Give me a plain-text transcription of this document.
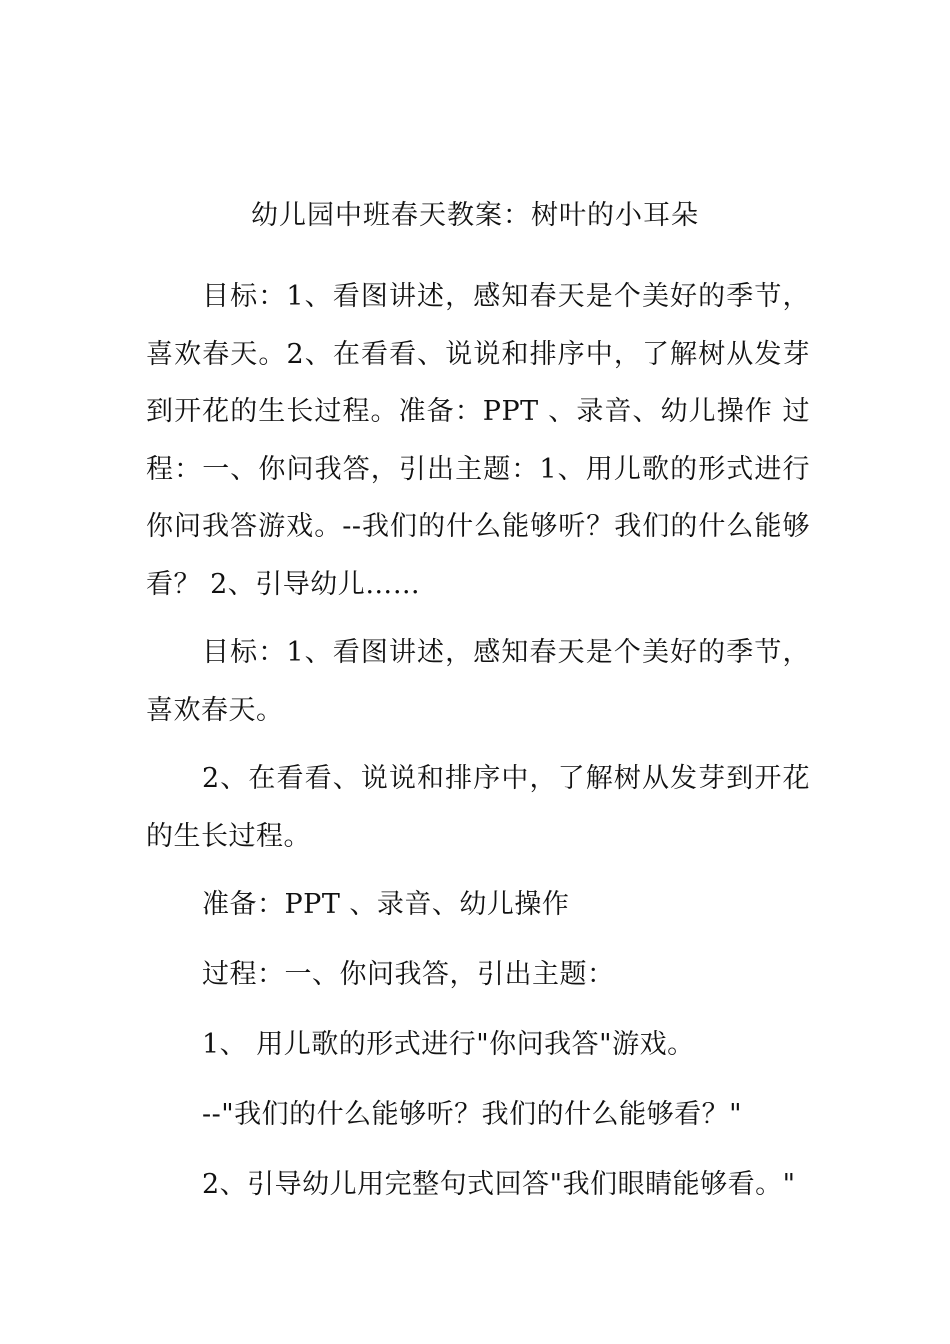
幼儿园中班春天教案：树叶的小耳朵

目标：1、看图讲述，感知春天是个美好的季节，喜欢春天。2、在看看、说说和排序中，了解树从发芽到开花的生长过程。准备：PPT 、录音、幼儿操作 过程：一、你问我答，引出主题：1、用儿歌的形式进行你问我答游戏。--我们的什么能够听？我们的什么能够看？ 2、引导幼儿……

目标：1、看图讲述，感知春天是个美好的季节，喜欢春天。

2、在看看、说说和排序中，了解树从发芽到开花的生长过程。

准备：PPT 、录音、幼儿操作

过程：一、你问我答，引出主题：

1、 用儿歌的形式进行"你问我答"游戏。

--"我们的什么能够听？我们的什么能够看？"

2、引导幼儿用完整句式回答"我们眼睛能够看。"
